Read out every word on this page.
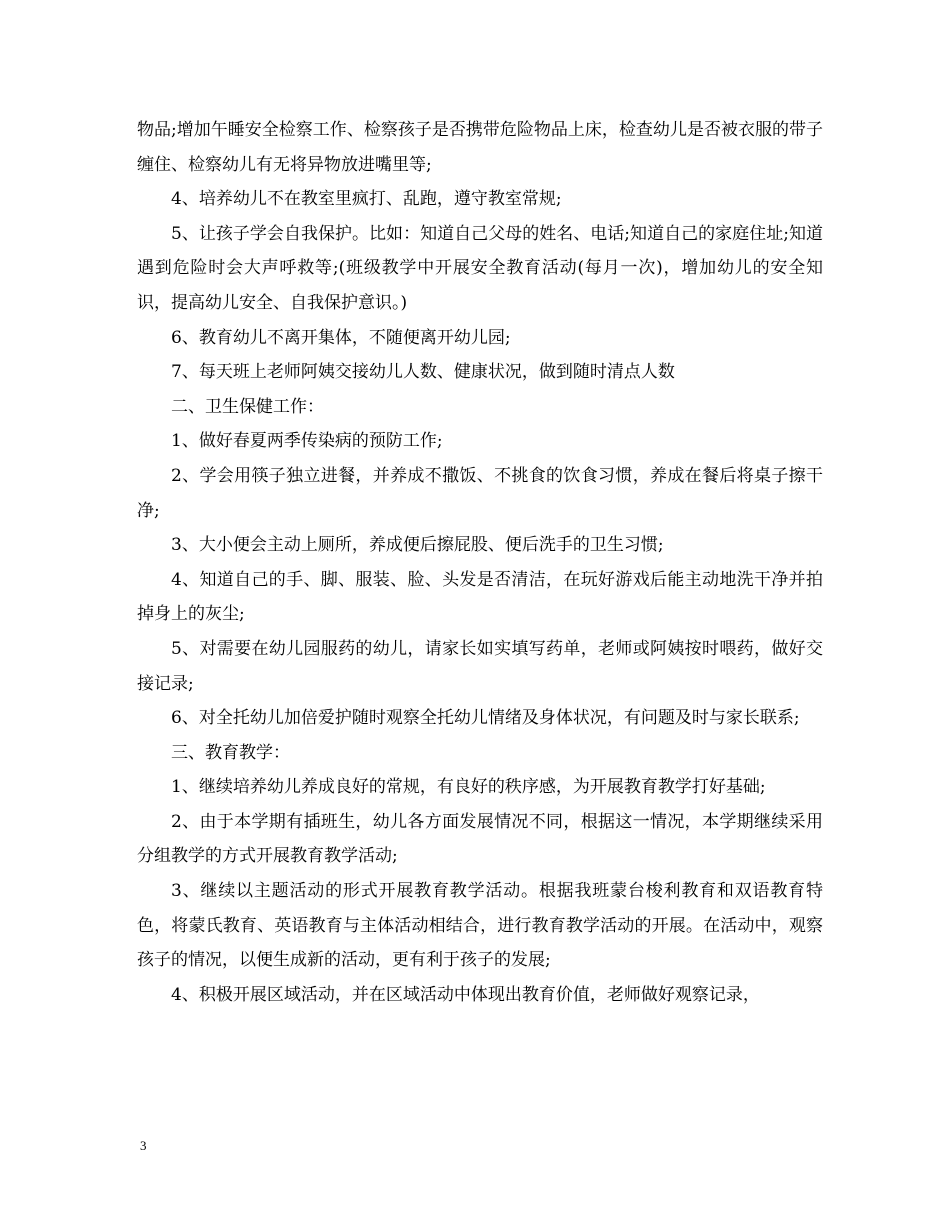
物品;增加午睡安全检察工作、检察孩子是否携带危险物品上床，检查幼儿是否被衣服的带子缠住、检察幼儿有无将异物放进嘴里等;

4、培养幼儿不在教室里疯打、乱跑，遵守教室常规;

5、让孩子学会自我保护。比如：知道自己父母的姓名、电话;知道自己的家庭住址;知道遇到危险时会大声呼救等;(班级教学中开展安全教育活动(每月一次)，增加幼儿的安全知识，提高幼儿安全、自我保护意识。)

6、教育幼儿不离开集体，不随便离开幼儿园;

7、每天班上老师阿姨交接幼儿人数、健康状况，做到随时清点人数

二、卫生保健工作：

1、做好春夏两季传染病的预防工作;

2、学会用筷子独立进餐，并养成不撒饭、不挑食的饮食习惯，养成在餐后将桌子擦干净;

3、大小便会主动上厕所，养成便后擦屁股、便后洗手的卫生习惯;

4、知道自己的手、脚、服装、脸、头发是否清洁，在玩好游戏后能主动地洗干净并拍掉身上的灰尘;

5、对需要在幼儿园服药的幼儿，请家长如实填写药单，老师或阿姨按时喂药，做好交接记录;

6、对全托幼儿加倍爱护随时观察全托幼儿情绪及身体状况，有问题及时与家长联系;

三、教育教学：

1、继续培养幼儿养成良好的常规，有良好的秩序感，为开展教育教学打好基础;

2、由于本学期有插班生，幼儿各方面发展情况不同，根据这一情况，本学期继续采用分组教学的方式开展教育教学活动;

3、继续以主题活动的形式开展教育教学活动。根据我班蒙台梭利教育和双语教育特色，将蒙氏教育、英语教育与主体活动相结合，进行教育教学活动的开展。在活动中，观察孩子的情况，以便生成新的活动，更有利于孩子的发展;

4、积极开展区域活动，并在区域活动中体现出教育价值，老师做好观察记录，

3
